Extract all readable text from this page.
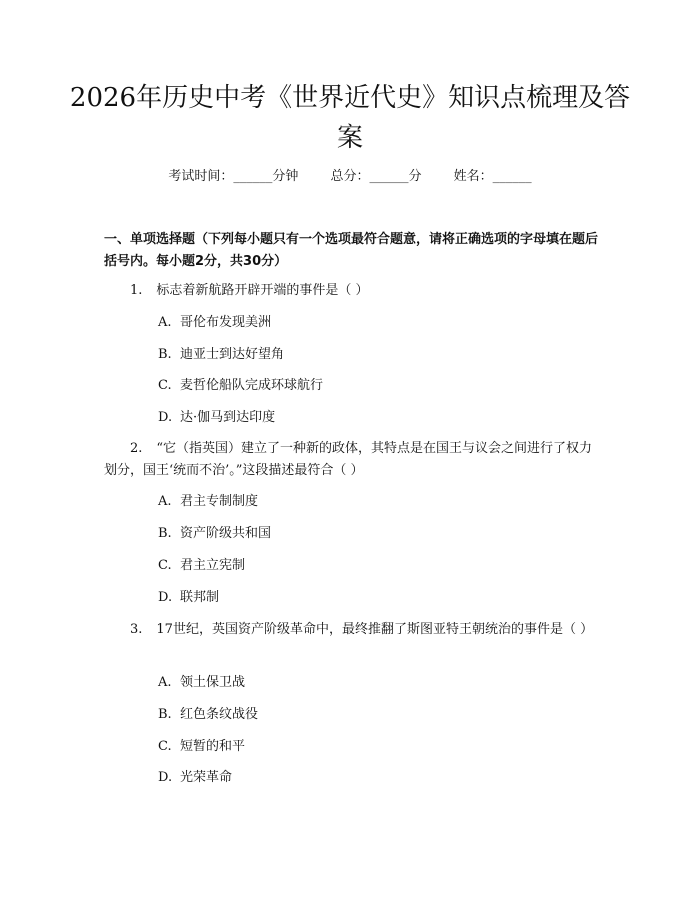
2026年历史中考《世界近代史》知识点梳理及答案
考试时间：______分钟 总分：______分 姓名：______
一、单项选择题（下列每小题只有一个选项最符合题意，请将正确选项的字母填在题后括号内。每小题2分，共30分）
1. 标志着新航路开辟开端的事件是（ ）
A. 哥伦布发现美洲
B. 迪亚士到达好望角
C. 麦哲伦船队完成环球航行
D. 达·伽马到达印度
2. “它（指英国）建立了一种新的政体，其特点是在国王与议会之间进行了权力划分，国王‘统而不治’。”这段描述最符合（ ）
A. 君主专制制度
B. 资产阶级共和国
C. 君主立宪制
D. 联邦制
3. 17世纪，英国资产阶级革命中，最终推翻了斯图亚特王朝统治的事件是（ ）
A. 领土保卫战
B. 红色条纹战役
C. 短暂的和平
D. 光荣革命
